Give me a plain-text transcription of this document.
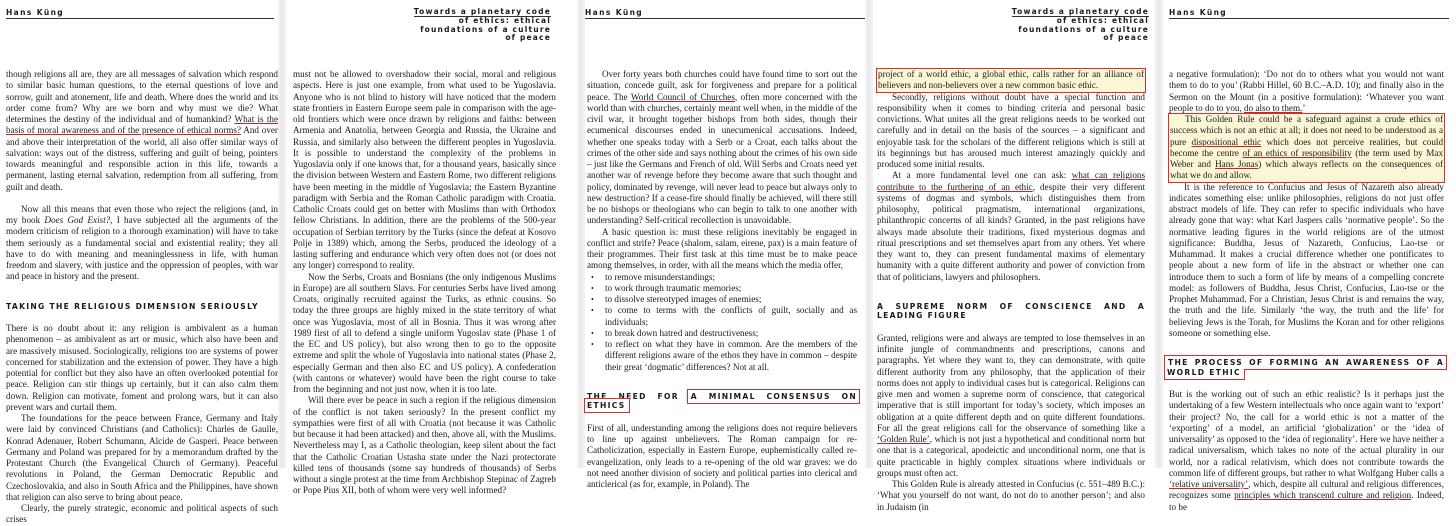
Hans Küng

though religions all are, they are all messages of salvation which respond to similar basic human questions, to the eternal questions of love and sorrow, guilt and atonement, life and death. Where does the world and its order come from? Why are we born and why must we die? What determines the destiny of the individual and of humankind? What is the basis of moral awareness and of the presence of ethical norms? And over and above their interpretation of the world, all also offer similar ways of salvation: ways out of the distress, suffering and guilt of being, pointers towards meaningful and responsible action in this life, towards a permanent, lasting eternal salvation, redemption from all suffering, from guilt and death.

Now all this means that even those who reject the religions (and, in my book Does God Exist?, I have subjected all the arguments of the modern criticism of religion to a thorough examination) will have to take them seriously as a fundamental social and existential reality; they all have to do with meaning and meaninglessness in life, with human freedom and slavery, with justice and the oppression of peoples, with war and peace in history and the present.

TAKING THE RELIGIOUS DIMENSION SERIOUSLY

There is no doubt about it: any religion is ambivalent as a human phenomenon – as ambivalent as art or music, which also have been and are massively misused. Sociologically, religions too are systems of power concerned for stabilization and the extension of power. They have a high potential for conflict but they also have an often overlooked potential for peace. Religion can stir things up certainly, but it can also calm them down. Religion can motivate, foment and prolong wars, but it can also prevent wars and curtail them.

The foundations for the peace between France, Germany and Italy were laid by convinced Christians (and Catholics): Charles de Gaulle, Konrad Adenauer, Robert Schumann, Alcide de Gasperi. Peace between Germany and Poland was prepared for by a memorandum drafted by the Protestant Church (the Evangelical Church of Germany). Peaceful revolutions in Poland, the German Democratic Republic and Czechoslovakia, and also in South Africa and the Philippines, have shown that religion can also serve to bring about peace.

Clearly, the purely strategic, economic and political aspects of such crises

Towards a planetary code
of ethics: ethical
foundations of a culture
of peace

must not be allowed to overshadow their social, moral and religious aspects. Here is just one example, from what used to be Yugoslavia. Anyone who is not blind to history will have noticed that the modern state frontiers in Eastern Europe seem pale in comparison with the age-old frontiers which were once drawn by religions and faiths: between Armenia and Anatolia, between Georgia and Russia, the Ukraine and Russia, and similarly also between the different peoples in Yugoslavia. It is possible to understand the complexity of the problems in Yugoslavia only if one knows that, for a thousand years, basically since the division between Western and Eastern Rome, two different religions have been meeting in the middle of Yugoslavia; the Eastern Byzantine paradigm with Serbia and the Roman Catholic paradigm with Croatia. Catholic Croats could get on better with Muslims than with Orthodox fellow Christians. In addition, there are the problems of the 500-year occupation of Serbian territory by the Turks (since the defeat at Kosovo Polje in 1389) which, among the Serbs, produced the ideology of a lasting suffering and endurance which very often does not (or does not any longer) correspond to reality.

Now the Serbs, Croats and Bosnians (the only indigenous Muslims in Europe) are all southern Slavs. For centuries Serbs have lived among Croats, originally recruited against the Turks, as ethnic cousins. So today the three groups are highly mixed in the state territory of what once was Yugoslavia, most of all in Bosnia. Thus it was wrong after 1989 first of all to defend a single uniform Yugoslav state (Phase 1 of the EC and US policy), but also wrong then to go to the opposite extreme and split the whole of Yugoslavia into national states (Phase 2, especially German and then also EC and US policy). A confederation (with cantons or whatever) would have been the right course to take from the beginning and not just now, when it is too late.

Will there ever be peace in such a region if the religious dimension of the conflict is not taken seriously? In the present conflict my sympathies were first of all with Croatia (not because it was Catholic but because it had been attacked) and then, above all, with the Muslims. Nevertheless may I, as a Catholic theologian, keep silent about the fact that the Catholic Croatian Ustasha state under the Nazi protectorate killed tens of thousands (some say hundreds of thousands) of Serbs without a single protest at the time from Archbishop Stepinac of Zagreb or Pope Pius XII, both of whom were very well informed?

Hans Küng

Over forty years both churches could have found time to sort out the situation, concede guilt, ask for forgiveness and prepare for a political peace. The World Council of Churches, often more concerned with the world than with churches, certainly meant well when, in the middle of the civil war, it brought together bishops from both sides, though their ecumenical discourses ended in unecumenical accusations. Indeed, whether one speaks today with a Serb or a Croat, each talks about the crimes of the other side and says nothing about the crimes of his own side – just like the Germans and French of old. Will Serbs and Croats need yet another war of revenge before they become aware that such thought and policy, dominated by revenge, will never lead to peace but always only to new destruction? If a cease-fire should finally be achieved, will there still be no bishops or theologians who can begin to talk to one another with understanding? Self-critical recollection is unavoidable.

A basic question is: must these religions inevitably be engaged in conflict and strife? Peace (shalom, salam, eirene, pax) is a main feature of their programmes. Their first task at this time must be to make peace among themselves, in order, with all the means which the media offer,

• to remove misunderstandings;
• to work through traumatic memories;
• to dissolve stereotyped images of enemies;
• to come to terms with the conflicts of guilt, socially and as individuals;
• to break down hatred and destructiveness;
• to reflect on what they have in common. Are the members of the different religions aware of the ethos they have in common – despite their great ‘dogmatic’ differences? Not at all.
THE NEED FOR A MINIMAL CONSENSUS ON ETHICS

First of all, understanding among the religions does not require believers to line up against unbelievers. The Roman campaign for re-Catholicization, especially in Eastern Europe, euphemistically called re-evangelization, only leads to a re-opening of the old war graves: we do not need another division of society and political parties into clerical and anticlerical (as for, example, in Poland). The

Towards a planetary code
of ethics: ethical
foundations of a culture
of peace

project of a world ethic, a global ethic, calls rather for an alliance of believers and non-believers over a new common basic ethic.

Secondly, religions without doubt have a special function and responsibility when it comes to binding criteria and personal basic convictions. What unites all the great religions needs to be worked out carefully and in detail on the basis of the sources – a significant and enjoyable task for the scholars of the different religions which is still at its beginnings but has aroused much interest amazingly quickly and produced some initial results.

At a more fundamental level one can ask: what can religions contribute to the furthering of an ethic, despite their very different systems of dogmas and symbols, which distinguishes them from philosophy, political pragmatism, international organizations, philanthropic concerns of all kinds? Granted, in the past religions have always made absolute their traditions, fixed mysterious dogmas and ritual prescriptions and set themselves apart from any others. Yet where they want to, they can present fundamental maxims of elementary humanity with a quite different authority and power of conviction from that of politicians, lawyers and philosophers.

A SUPREME NORM OF CONSCIENCE AND A LEADING FIGURE

Granted, religions were and always are tempted to lose themselves in an infinite jungle of commandments and prescriptions, canons and paragraphs. Yet where they want to, they can demonstrate, with quite different authority from any philosophy, that the application of their norms does not apply to individual cases but is categorical. Religions can give men and women a supreme norm of conscience, that categorical imperative that is still important for today’s society, which imposes an obligation at a quite different depth and on quite different foundations. For all the great religions call for the observance of something like a ‘Golden Rule’, which is not just a hypothetical and conditional norm but one that is a categorical, apodeictic and unconditional norm, one that is quite practicable in highly complex situations where individuals or groups must often act.

This Golden Rule is already attested in Confucius (c. 551–489 B.C.): ‘What you yourself do not want, do not do to another person’; and also in Judaism (in

Hans Küng

a negative formulation): ‘Do not do to others what you would not want them to do to you’ (Rabbi Hillel, 60 B.C.–A.D. 10); and finally also in the Sermon on the Mount (in a positive formulation): ‘Whatever you want people to do to you, do also to them.’

This Golden Rule could be a safeguard against a crude ethics of success which is not an ethic at all; it does not need to be understood as a pure dispositional ethic which does not perceive realities, but could become the centre of an ethics of responsibility (the term used by Max Weber and Hans Jonas) which always reflects on the consequences of what we do and allow.

It is the reference to Confucius and Jesus of Nazareth also already indicates something else: unlike philosophies, religions do not just offer abstract models of life. They can refer to specific individuals who have already gone that way: what Karl Jaspers calls ‘normative people’. So the normative leading figures in the world religions are of the utmost significance: Buddha, Jesus of Nazareth, Confucius, Lao-tse or Muhammad. It makes a crucial difference whether one pontificates to people about a new form of life in the abstract or whether one can introduce them to such a form of life by means of a compelling concrete model: as followers of Buddha, Jesus Christ, Confucius, Lao-tse or the Prophet Muhammad. For a Christian, Jesus Christ is and remains the way, the truth and the life. Similarly ‘the way, the truth and the life’ for believing Jews is the Torah, for Muslims the Koran and for other religions someone or something else.

THE PROCESS OF FORMING AN AWARENESS OF A WORLD ETHIC

But is the working out of such an ethic realistic? Is it perhaps just the undertaking of a few Western intellectuals who once again want to ‘export’ their project? No, the call for a world ethic is not a matter of the ‘exporting’ of a model, an artificial ‘globalization’ or the ‘idea of universality’ as opposed to the ‘idea of regionality’. Here we have neither a radical universalism, which takes no note of the actual plurality in our world, nor a radical relativism, which does not contribute towards the common life of different groups, but rather to what Wolfgang Huber calls a ‘relative universality’, which, despite all cultural and religious differences, recognizes some principles which transcend culture and religion. Indeed, to be
